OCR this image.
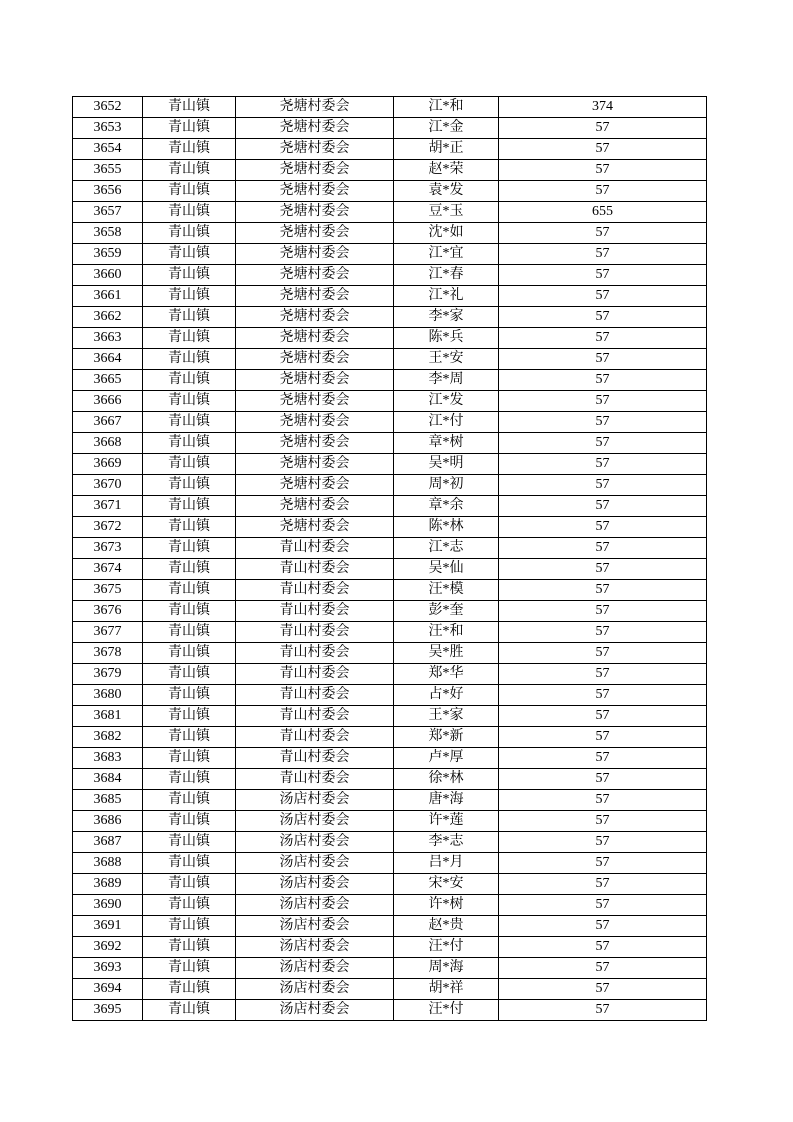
3652	青山镇	尧塘村委会	江*和	374
3653	青山镇	尧塘村委会	江*金	57
3654	青山镇	尧塘村委会	胡*正	57
3655	青山镇	尧塘村委会	赵*荣	57
3656	青山镇	尧塘村委会	袁*发	57
3657	青山镇	尧塘村委会	豆*玉	655
3658	青山镇	尧塘村委会	沈*如	57
3659	青山镇	尧塘村委会	江*宜	57
3660	青山镇	尧塘村委会	江*春	57
3661	青山镇	尧塘村委会	江*礼	57
3662	青山镇	尧塘村委会	李*家	57
3663	青山镇	尧塘村委会	陈*兵	57
3664	青山镇	尧塘村委会	王*安	57
3665	青山镇	尧塘村委会	李*周	57
3666	青山镇	尧塘村委会	江*发	57
3667	青山镇	尧塘村委会	江*付	57
3668	青山镇	尧塘村委会	章*树	57
3669	青山镇	尧塘村委会	吴*明	57
3670	青山镇	尧塘村委会	周*初	57
3671	青山镇	尧塘村委会	章*余	57
3672	青山镇	尧塘村委会	陈*林	57
3673	青山镇	青山村委会	江*志	57
3674	青山镇	青山村委会	吴*仙	57
3675	青山镇	青山村委会	汪*模	57
3676	青山镇	青山村委会	彭*奎	57
3677	青山镇	青山村委会	汪*和	57
3678	青山镇	青山村委会	吴*胜	57
3679	青山镇	青山村委会	郑*华	57
3680	青山镇	青山村委会	占*好	57
3681	青山镇	青山村委会	王*家	57
3682	青山镇	青山村委会	郑*新	57
3683	青山镇	青山村委会	卢*厚	57
3684	青山镇	青山村委会	徐*林	57
3685	青山镇	汤店村委会	唐*海	57
3686	青山镇	汤店村委会	许*莲	57
3687	青山镇	汤店村委会	李*志	57
3688	青山镇	汤店村委会	吕*月	57
3689	青山镇	汤店村委会	宋*安	57
3690	青山镇	汤店村委会	许*树	57
3691	青山镇	汤店村委会	赵*贵	57
3692	青山镇	汤店村委会	汪*付	57
3693	青山镇	汤店村委会	周*海	57
3694	青山镇	汤店村委会	胡*祥	57
3695	青山镇	汤店村委会	汪*付	57
